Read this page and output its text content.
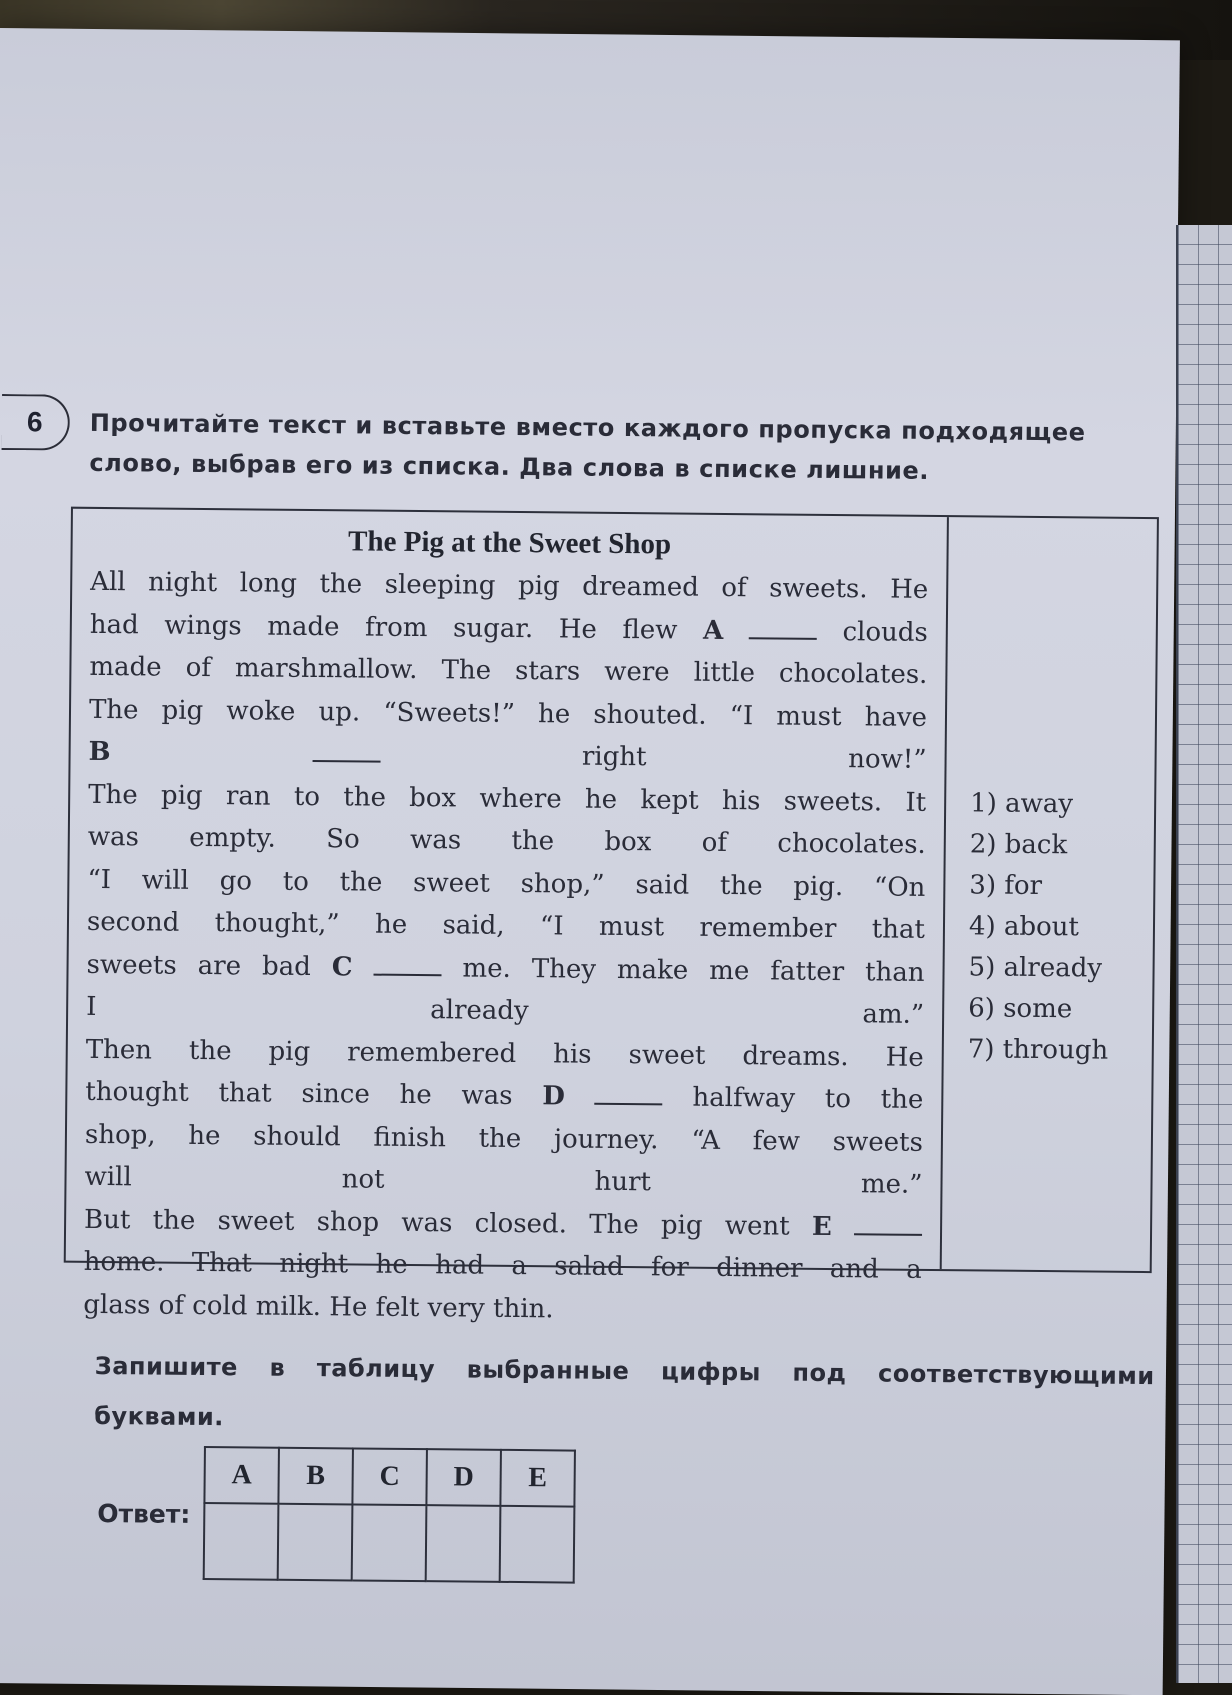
6	Прочитайте текст и вставьте вместо каждого пропуска подходящее
слово, выбрав его из списка. Два слова в списке лишние.
The Pig at the Sweet Shop
All night long the sleeping pig dreamed of sweets. He
had wings made from sugar. He flew A	clouds
made of marshmallow. The stars were little chocolates.
The pig woke up. “Sweets!” he shouted. “I must have
B	right now!”
The pig ran to the box where he kept his sweets. It
was empty. So was the box of chocolates.
“I will go to the sweet shop,” said the pig. “On
second thought,” he said, “I must remember that
sweets are bad C	me. They make me fatter than
I already am.”
Then the pig remembered his sweet dreams. He
thought that since he was D	halfway to the
shop, he should finish the journey. “A few sweets
will not hurt me.”
But the sweet shop was closed. The pig went E
home. That night he had a salad for dinner and a
glass of cold milk. He felt very thin.
1) away
2) back
3) for
4) about
5) already
6) some
7) through
Запишите в таблицу выбранные цифры под соответствующими
буквами.
Ответ:
A	B	C	D	E
